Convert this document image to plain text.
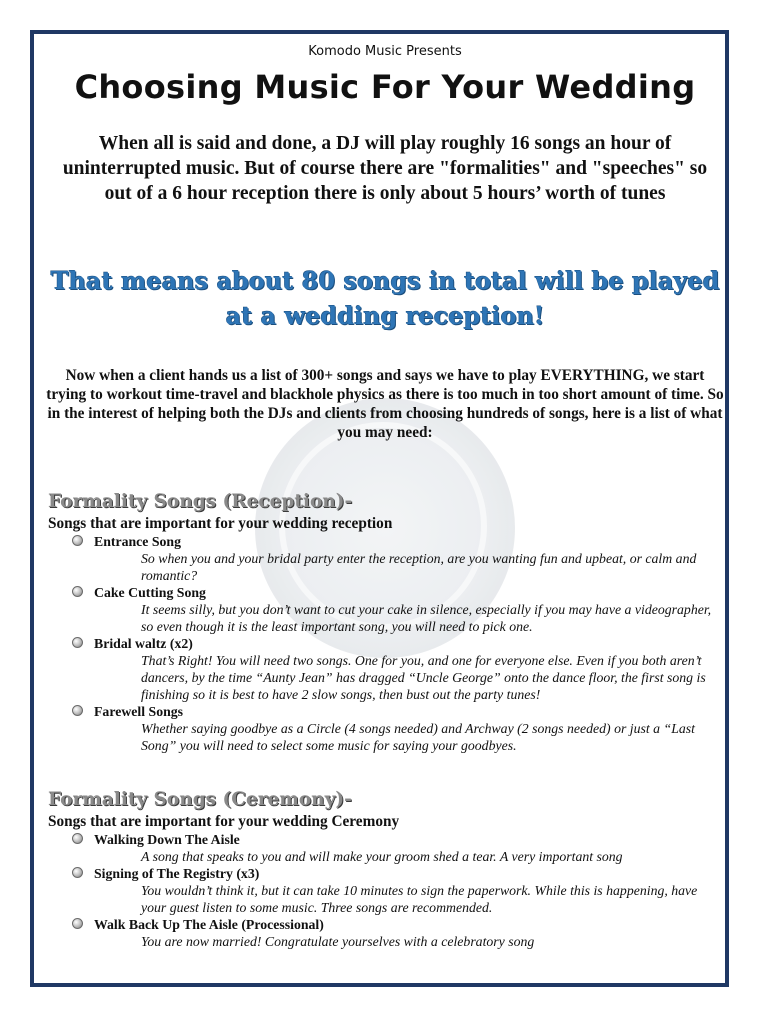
Komodo Music Presents
Choosing Music For Your Wedding
When all is said and done, a DJ will play roughly 16 songs an hour of uninterrupted music. But of course there are "formalities" and "speeches" so out of a 6 hour reception there is only about 5 hours’ worth of tunes
That means about 80 songs in total will be played at a wedding reception!
Now when a client hands us a list of 300+ songs and says we have to play EVERYTHING, we start trying to workout time-travel and blackhole physics as there is too much in too short amount of time. So in the interest of helping both the DJs and clients from choosing hundreds of songs, here is a list of what you may need:
Formality Songs (Reception)-
Songs that are important for your wedding reception
Entrance Song
So when you and your bridal party enter the reception, are you wanting fun and upbeat, or calm and romantic?
Cake Cutting Song
It seems silly, but you don’t want to cut your cake in silence, especially if you may have a videographer, so even though it is the least important song, you will need to pick one.
Bridal waltz (x2)
That’s Right! You will need two songs. One for you, and one for everyone else. Even if you both aren’t dancers, by the time “Aunty Jean” has dragged “Uncle George” onto the dance floor, the first song is finishing so it is best to have 2 slow songs, then bust out the party tunes!
Farewell Songs
Whether saying goodbye as a Circle (4 songs needed) and Archway (2 songs needed) or just a “Last Song” you will need to select some music for saying your goodbyes.
Formality Songs (Ceremony)-
Songs that are important for your wedding Ceremony
Walking Down The Aisle
A song that speaks to you and will make your groom shed a tear. A very important song
Signing of The Registry (x3)
You wouldn’t think it, but it can take 10 minutes to sign the paperwork. While this is happening, have your guest listen to some music. Three songs are recommended.
Walk Back Up The Aisle (Processional)
You are now married! Congratulate yourselves with a celebratory song
